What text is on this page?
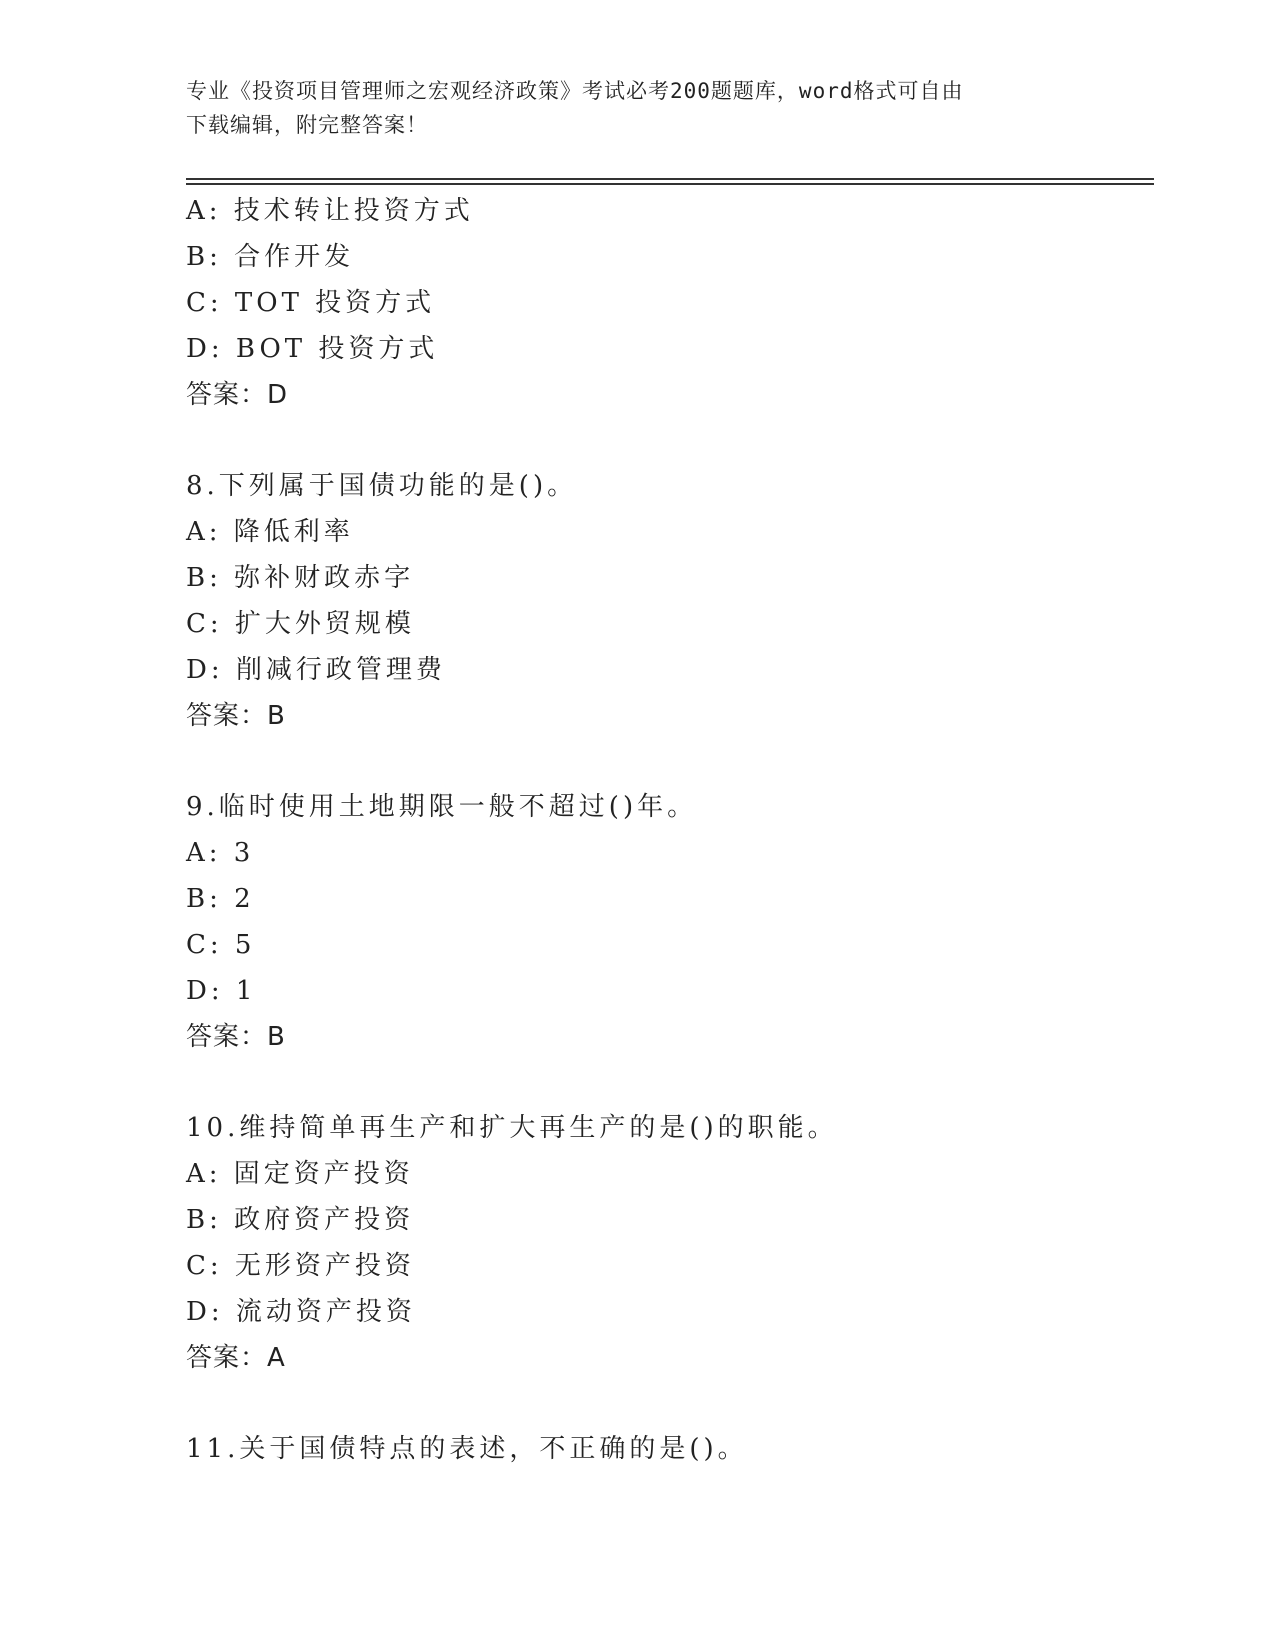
专业《投资项目管理师之宏观经济政策》考试必考200题题库，word格式可自由
下载编辑，附完整答案！
A: 技术转让投资方式
B: 合作开发
C: TOT 投资方式
D: BOT 投资方式
答案：D
8.下列属于国债功能的是()。
A: 降低利率
B: 弥补财政赤字
C: 扩大外贸规模
D: 削减行政管理费
答案：B
9.临时使用土地期限一般不超过()年。
A: 3
B: 2
C: 5
D: 1
答案：B
10.维持简单再生产和扩大再生产的是()的职能。
A: 固定资产投资
B: 政府资产投资
C: 无形资产投资
D: 流动资产投资
答案：A
11.关于国债特点的表述，不正确的是()。
